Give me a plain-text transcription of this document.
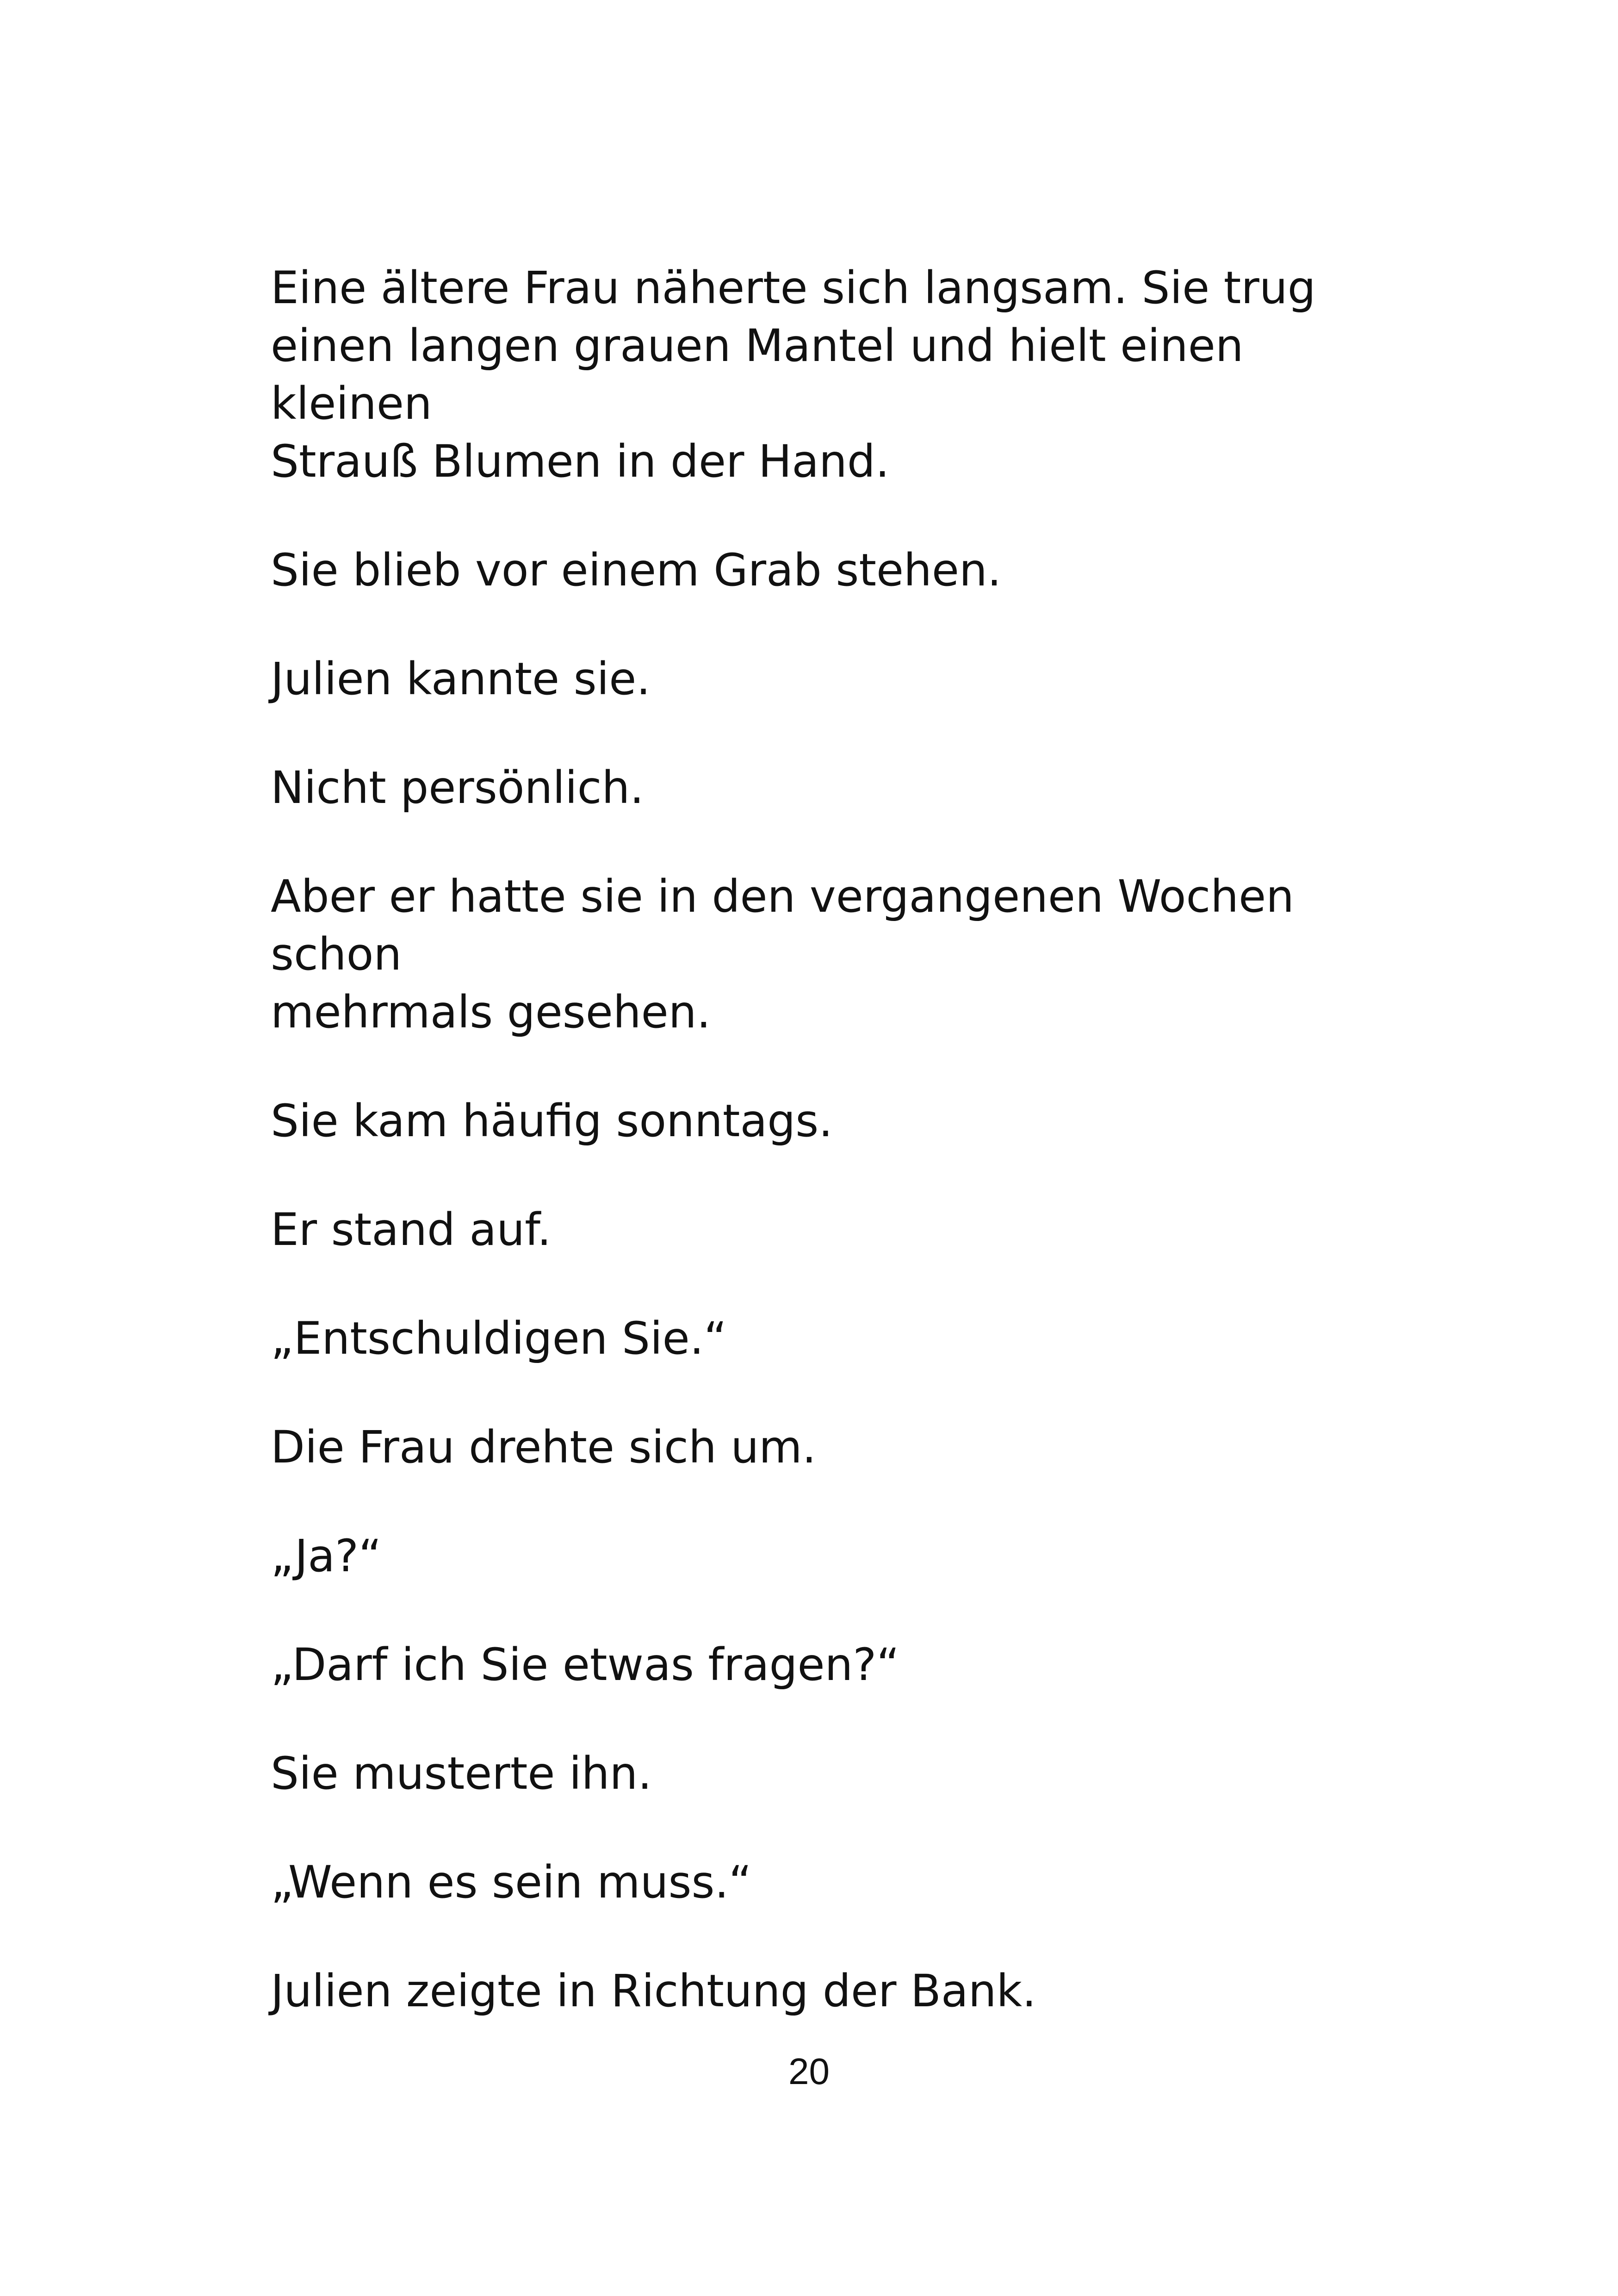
Eine ältere Frau näherte sich langsam. Sie trug
einen langen grauen Mantel und hielt einen kleinen
Strauß Blumen in der Hand.

Sie blieb vor einem Grab stehen.

Julien kannte sie.

Nicht persönlich.

Aber er hatte sie in den vergangenen Wochen schon
mehrmals gesehen.

Sie kam häufig sonntags.

Er stand auf.

„Entschuldigen Sie.“

Die Frau drehte sich um.

„Ja?“

„Darf ich Sie etwas fragen?“

Sie musterte ihn.

„Wenn es sein muss.“

Julien zeigte in Richtung der Bank.

20
